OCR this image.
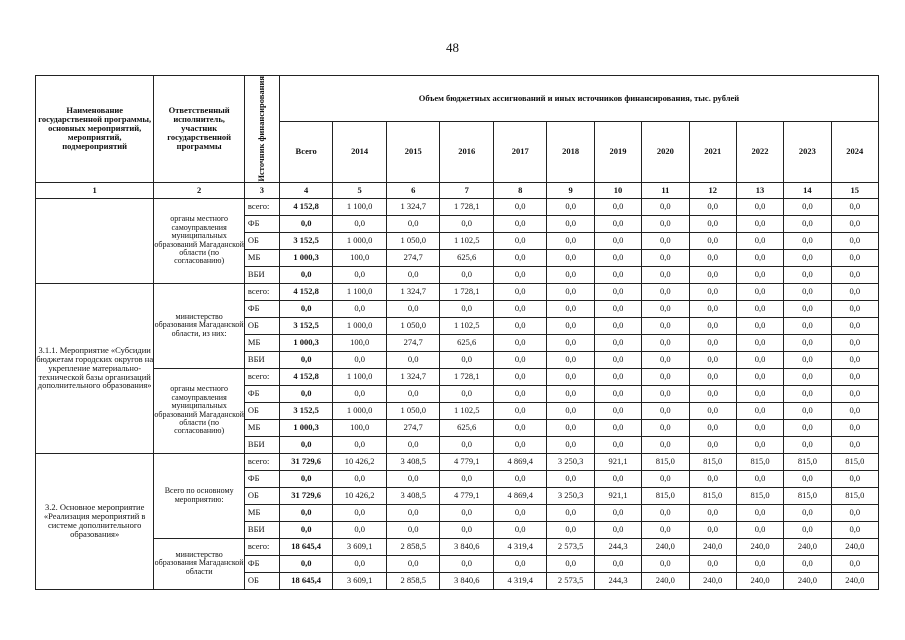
48
Наименование государственной программы, основных мероприятий, мероприятий, подмероприятий	Ответственный исполнитель, участник государственной программы	Источник финансирования	Объем бюджетных ассигнований и иных источников финансирования, тыс. рублей											
			Всего	2014	2015	2016	2017	2018	2019	2020	2021	2022	2023	2024
1	2	3	4	5	6	7	8	9	10	11	12	13	14	15
	органы местного самоуправления муниципальных образований Магаданской области (по согласованию)	всего:	4 152,8	1 100,0	1 324,7	1 728,1	0,0	0,0	0,0	0,0	0,0	0,0	0,0	0,0
		ФБ	0,0	0,0	0,0	0,0	0,0	0,0	0,0	0,0	0,0	0,0	0,0	0,0
		ОБ	3 152,5	1 000,0	1 050,0	1 102,5	0,0	0,0	0,0	0,0	0,0	0,0	0,0	0,0
		МБ	1 000,3	100,0	274,7	625,6	0,0	0,0	0,0	0,0	0,0	0,0	0,0	0,0
		ВБИ	0,0	0,0	0,0	0,0	0,0	0,0	0,0	0,0	0,0	0,0	0,0	0,0
3.1.1. Мероприятие «Субсидии бюджетам городских округов на укрепление материально-технической базы организаций дополнительного образования»	министерство образования Магаданской области, из них:	всего:	4 152,8	1 100,0	1 324,7	1 728,1	0,0	0,0	0,0	0,0	0,0	0,0	0,0	0,0
		ФБ	0,0	0,0	0,0	0,0	0,0	0,0	0,0	0,0	0,0	0,0	0,0	0,0
		ОБ	3 152,5	1 000,0	1 050,0	1 102,5	0,0	0,0	0,0	0,0	0,0	0,0	0,0	0,0
		МБ	1 000,3	100,0	274,7	625,6	0,0	0,0	0,0	0,0	0,0	0,0	0,0	0,0
		ВБИ	0,0	0,0	0,0	0,0	0,0	0,0	0,0	0,0	0,0	0,0	0,0	0,0
	органы местного самоуправления муниципальных образований Магаданской области (по согласованию)	всего:	4 152,8	1 100,0	1 324,7	1 728,1	0,0	0,0	0,0	0,0	0,0	0,0	0,0	0,0
		ФБ	0,0	0,0	0,0	0,0	0,0	0,0	0,0	0,0	0,0	0,0	0,0	0,0
		ОБ	3 152,5	1 000,0	1 050,0	1 102,5	0,0	0,0	0,0	0,0	0,0	0,0	0,0	0,0
		МБ	1 000,3	100,0	274,7	625,6	0,0	0,0	0,0	0,0	0,0	0,0	0,0	0,0
		ВБИ	0,0	0,0	0,0	0,0	0,0	0,0	0,0	0,0	0,0	0,0	0,0	0,0
3.2. Основное мероприятие «Реализация мероприятий в системе дополнительного образования»	Всего по основному мероприятию:	всего:	31 729,6	10 426,2	3 408,5	4 779,1	4 869,4	3 250,3	921,1	815,0	815,0	815,0	815,0	815,0
		ФБ	0,0	0,0	0,0	0,0	0,0	0,0	0,0	0,0	0,0	0,0	0,0	0,0
		ОБ	31 729,6	10 426,2	3 408,5	4 779,1	4 869,4	3 250,3	921,1	815,0	815,0	815,0	815,0	815,0
		МБ	0,0	0,0	0,0	0,0	0,0	0,0	0,0	0,0	0,0	0,0	0,0	0,0
		ВБИ	0,0	0,0	0,0	0,0	0,0	0,0	0,0	0,0	0,0	0,0	0,0	0,0
	министерство образования Магаданской области	всего:	18 645,4	3 609,1	2 858,5	3 840,6	4 319,4	2 573,5	244,3	240,0	240,0	240,0	240,0	240,0
		ФБ	0,0	0,0	0,0	0,0	0,0	0,0	0,0	0,0	0,0	0,0	0,0	0,0
		ОБ	18 645,4	3 609,1	2 858,5	3 840,6	4 319,4	2 573,5	244,3	240,0	240,0	240,0	240,0	240,0
